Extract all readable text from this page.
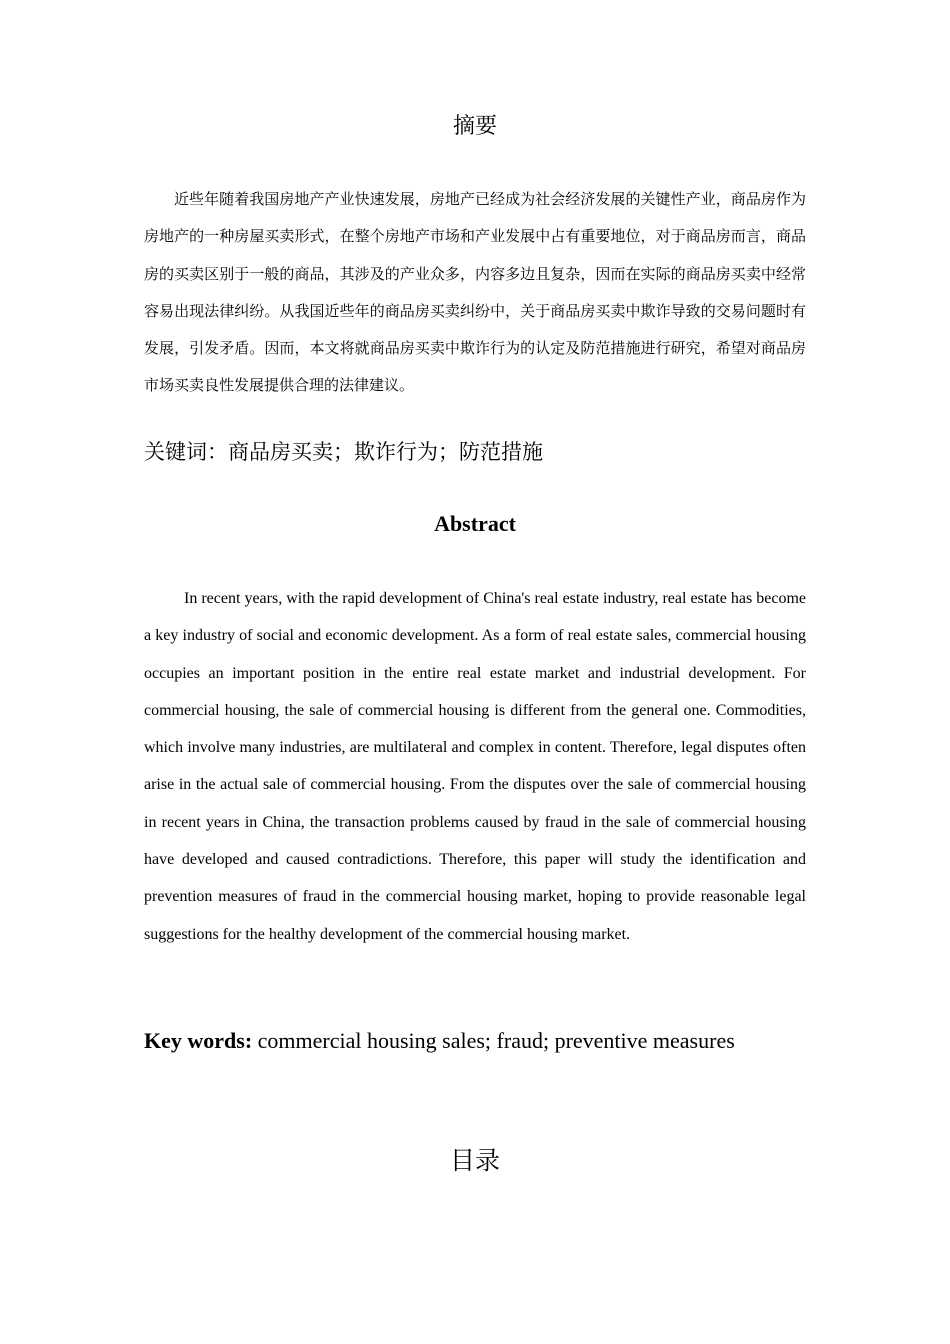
摘要

近些年随着我国房地产产业快速发展，房地产已经成为社会经济发展的关键性产业，商品房作为房地产的一种房屋买卖形式，在整个房地产市场和产业发展中占有重要地位，对于商品房而言，商品房的买卖区别于一般的商品，其涉及的产业众多，内容多边且复杂，因而在实际的商品房买卖中经常容易出现法律纠纷。从我国近些年的商品房买卖纠纷中，关于商品房买卖中欺诈导致的交易问题时有发展，引发矛盾。因而，本文将就商品房买卖中欺诈行为的认定及防范措施进行研究，希望对商品房市场买卖良性发展提供合理的法律建议。

关键词：商品房买卖；欺诈行为；防范措施
Abstract

In recent years, with the rapid development of China's real estate industry, real estate has become a key industry of social and economic development. As a form of real estate sales, commercial housing occupies an important position in the entire real estate market and industrial development. For commercial housing, the sale of commercial housing is different from the general one. Commodities, which involve many industries, are multilateral and complex in content. Therefore, legal disputes often arise in the actual sale of commercial housing. From the disputes over the sale of commercial housing in recent years in China, the transaction problems caused by fraud in the sale of commercial housing have developed and caused contradictions. Therefore, this paper will study the identification and prevention measures of fraud in the commercial housing market, hoping to provide reasonable legal suggestions for the healthy development of the commercial housing market.

Key words: commercial housing sales; fraud; preventive measures
目录
